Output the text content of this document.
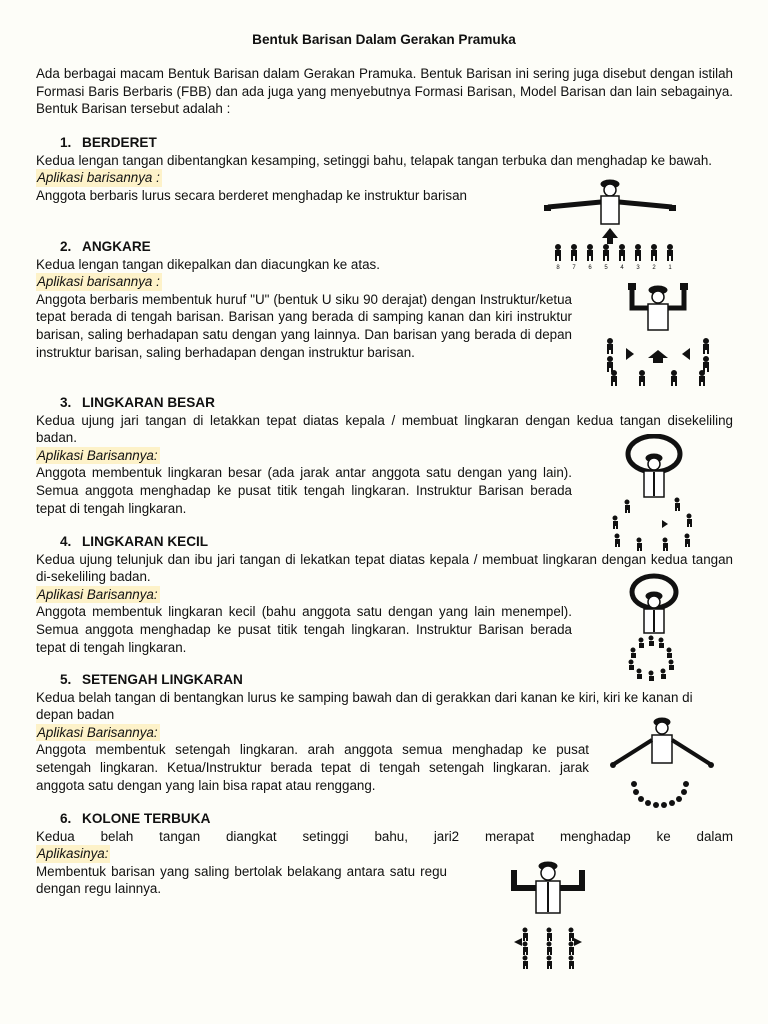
Bentuk Barisan Dalam Gerakan Pramuka
Ada berbagai macam Bentuk Barisan dalam Gerakan Pramuka. Bentuk Barisan ini sering juga disebut dengan istilah Formasi Baris Berbaris (FBB) dan ada juga yang menyebutnya Formasi Barisan, Model Barisan dan lain sebagainya. Bentuk Barisan tersebut adalah :
1. BERDERET
Kedua lengan tangan dibentangkan kesamping, setinggi bahu, telapak tangan terbuka dan menghadap ke bawah.
Aplikasi barisannya :
Anggota berbaris lurus secara berderet menghadap ke instruktur barisan
8 7 6 5 4 3 2 1
2. ANGKARE
Kedua lengan tangan dikepalkan dan diacungkan ke atas.
Aplikasi barisannya :
Anggota berbaris membentuk huruf "U" (bentuk U siku 90 derajat) dengan Instruktur/ketua tepat berada di tengah barisan. Barisan yang berada di samping kanan dan kiri instruktur barisan, saling berhadapan satu dengan yang lainnya. Dan barisan yang berada di depan instruktur barisan, saling berhadapan dengan instruktur barisan.
3. LINGKARAN BESAR
Kedua ujung jari tangan di letakkan tepat diatas kepala / membuat lingkaran dengan kedua tangan disekeliling badan.
Aplikasi Barisannya:
Anggota membentuk lingkaran besar (ada jarak antar anggota satu dengan yang lain). Semua anggota menghadap ke pusat titik tengah lingkaran. Instruktur Barisan berada tepat di tengah lingkaran.
4. LINGKARAN KECIL
Kedua ujung telunjuk dan ibu jari tangan di lekatkan tepat diatas kepala / membuat lingkaran dengan kedua tangan di-sekeliling badan.
Aplikasi Barisannya:
Anggota membentuk lingkaran kecil (bahu anggota satu dengan yang lain menempel). Semua anggota menghadap ke pusat titik tengah lingkaran. Instruktur Barisan berada tepat di tengah lingkaran.
5. SETENGAH LINGKARAN
Kedua belah tangan di bentangkan lurus ke samping bawah dan di gerakkan dari kanan ke kiri, kiri ke kanan di depan badan
Aplikasi Barisannya:
Anggota membentuk setengah lingkaran. arah anggota semua menghadap ke pusat setengah lingkaran. Ketua/Instruktur berada tepat di tengah setengah lingkaran. jarak anggota satu dengan yang lain bisa rapat atau renggang.
6. KOLONE TERBUKA
Kedua belah tangan diangkat setinggi bahu, jari2 merapat menghadap ke dalam
Aplikasinya:
Membentuk barisan yang saling bertolak belakang antara satu regu dengan regu lainnya.
